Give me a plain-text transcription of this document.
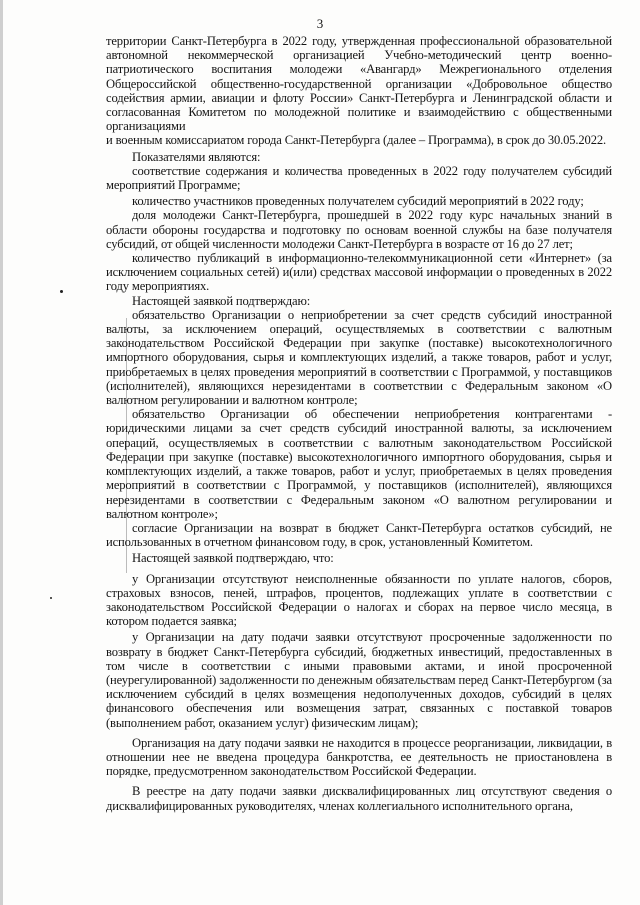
3

территории Санкт-Петербурга в 2022 году, утвержденная профессиональной образовательной автономной некоммерческой организацией Учебно-методический центр военно-патриотического воспитания молодежи «Авангард» Межрегионального отделения Общероссийской общественно-государственной организации «Добровольное общество содействия армии, авиации и флоту России» Санкт-Петербурга и Ленинградской области и согласованная Комитетом по молодежной политике и взаимодействию с общественными организациями

и военным комиссариатом города Санкт-Петербурга (далее – Программа), в срок до 30.05.2022.

Показателями являются:

соответствие содержания и количества проведенных в 2022 году получателем субсидий мероприятий Программе;

количество участников проведенных получателем субсидий мероприятий в 2022 году;

доля молодежи Санкт-Петербурга, прошедшей в 2022 году курс начальных знаний в области обороны государства и подготовку по основам военной службы на базе получателя субсидий, от общей численности молодежи Санкт-Петербурга в возрасте от 16 до 27 лет;

количество публикаций в информационно-телекоммуникационной сети «Интернет» (за исключением социальных сетей) и(или) средствах массовой информации о проведенных в 2022 году мероприятиях.

Настоящей заявкой подтверждаю:

обязательство Организации о неприобретении за счет средств субсидий иностранной валюты, за исключением операций, осуществляемых в соответствии с валютным законодательством Российской Федерации при закупке (поставке) высокотехнологичного импортного оборудования, сырья и комплектующих изделий, а также товаров, работ и услуг, приобретаемых в целях проведения мероприятий в соответствии с Программой, у поставщиков (исполнителей), являющихся нерезидентами в соответствии с Федеральным законом «О валютном регулировании и валютном контроле;

обязательство Организации об обеспечении неприобретения контрагентами - юридическими лицами за счет средств субсидий иностранной валюты, за исключением операций, осуществляемых в соответствии с валютным законодательством Российской Федерации при закупке (поставке) высокотехнологичного импортного оборудования, сырья и комплектующих изделий, а также товаров, работ и услуг, приобретаемых в целях проведения мероприятий в соответствии с Программой, у поставщиков (исполнителей), являющихся нерезидентами в соответствии с Федеральным законом «О валютном регулировании и валютном контроле»;

согласие Организации на возврат в бюджет Санкт-Петербурга остатков субсидий, не использованных в отчетном финансовом году, в срок, установленный Комитетом.

Настоящей заявкой подтверждаю, что:

у Организации отсутствуют неисполненные обязанности по уплате налогов, сборов, страховых взносов, пеней, штрафов, процентов, подлежащих уплате в соответствии с законодательством Российской Федерации о налогах и сборах на первое число месяца, в котором подается заявка;

у Организации на дату подачи заявки отсутствуют просроченные задолженности по возврату в бюджет Санкт-Петербурга субсидий, бюджетных инвестиций, предоставленных в том числе в соответствии с иными правовыми актами, и иной просроченной (неурегулированной) задолженности по денежным обязательствам перед Санкт-Петербургом (за исключением субсидий в целях возмещения недополученных доходов, субсидий в целях финансового обеспечения или возмещения затрат, связанных с поставкой товаров (выполнением работ, оказанием услуг) физическим лицам);

Организация на дату подачи заявки не находится в процессе реорганизации, ликвидации, в отношении нее не введена процедура банкротства, ее деятельность не приостановлена в порядке, предусмотренном законодательством Российской Федерации.

В реестре на дату подачи заявки дисквалифицированных лиц отсутствуют сведения о дисквалифицированных руководителях, членах коллегиального исполнительного органа,
